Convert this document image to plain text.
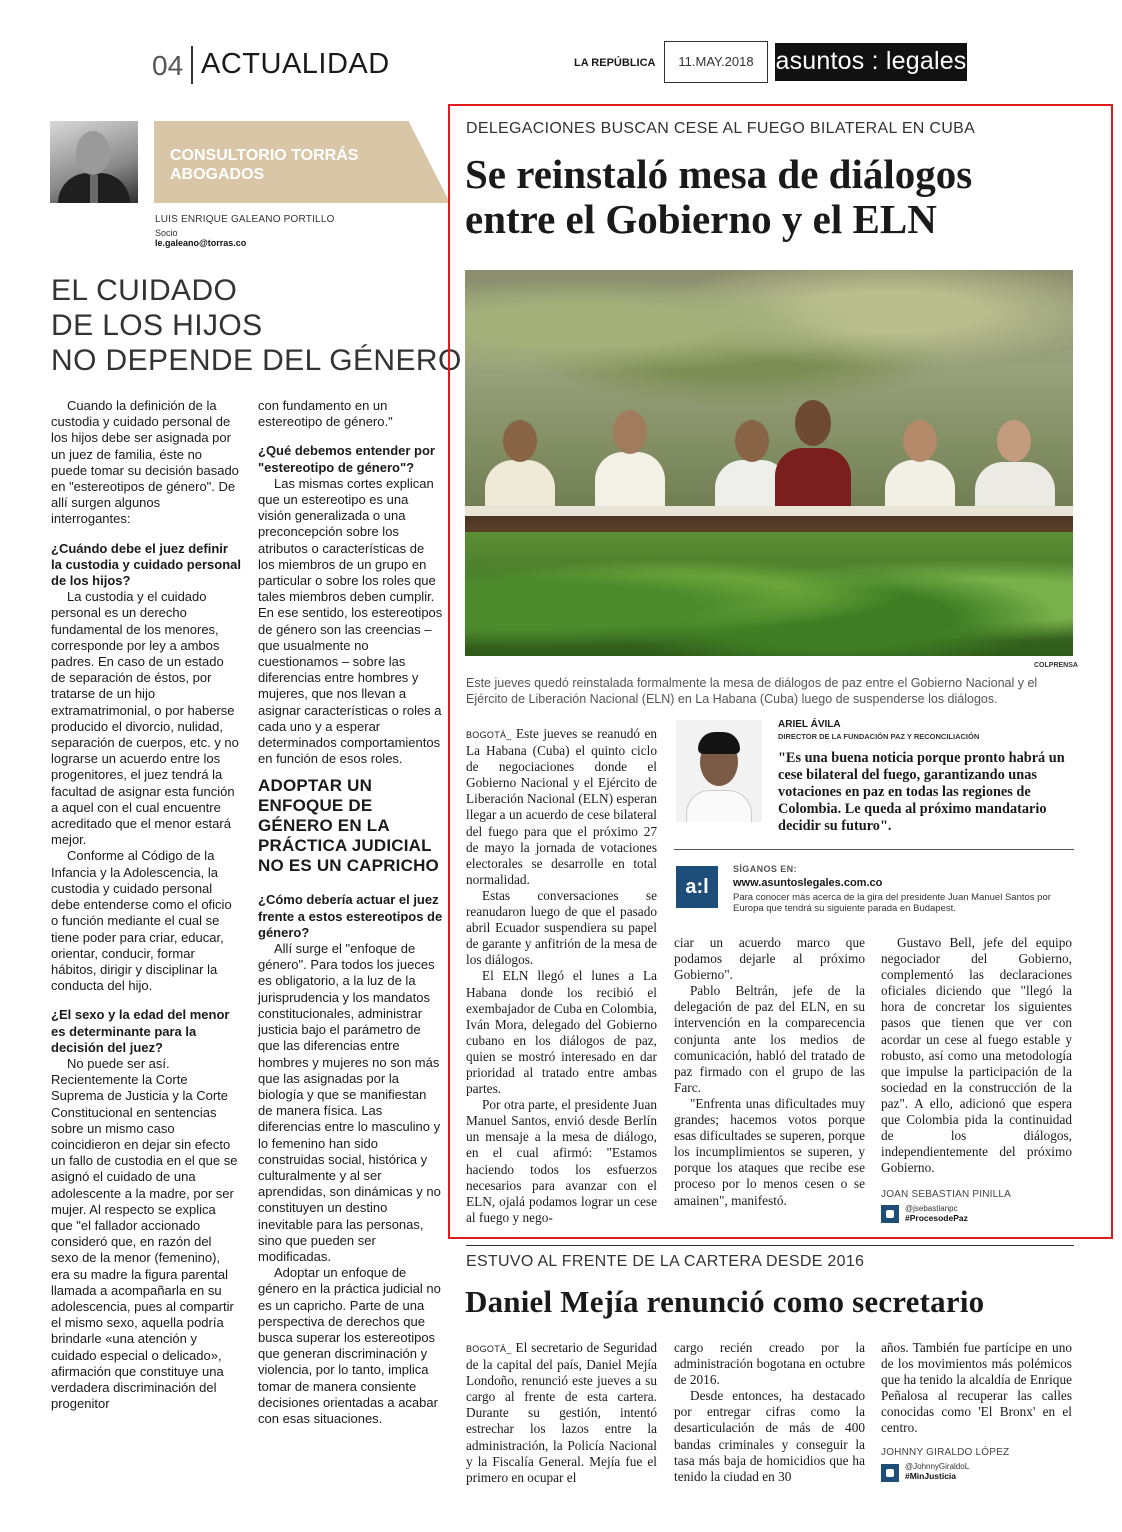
04 ACTUALIDAD	LA REPÚBLICA	11.MAY.2018 asuntos : legales
CONSULTORIO TORRÁS ABOGADOS
LUIS ENRIQUE GALEANO PORTILLO
Socio
le.galeano@torras.co
EL CUIDADO
DE LOS HIJOS
NO DEPENDE DEL GÉNERO

Cuando la definición de la custodia y cuidado personal de los hijos debe ser asignada por un juez de familia, éste no puede tomar su decisión basado en "estereotipos de género". De allí surgen algunos interrogantes:

¿Cuándo debe el juez definir la custodia y cuidado personal de los hijos?

La custodia y el cuidado personal es un derecho fundamental de los menores, corresponde por ley a ambos padres. En caso de un estado de separación de éstos, por tratarse de un hijo extramatrimonial, o por haberse producido el divorcio, nulidad, separación de cuerpos, etc. y no lograrse un acuerdo entre los progenitores, el juez tendrá la facultad de asignar esta función a aquel con el cual encuentre acreditado que el menor estará mejor.

Conforme al Código de la Infancia y la Adolescencia, la custodia y cuidado personal debe entenderse como el oficio o función mediante el cual se tiene poder para criar, educar, orientar, conducir, formar hábitos, dirigir y disciplinar la conducta del hijo.

¿El sexo y la edad del menor es determinante para la decisión del juez?

No puede ser así. Recientemente la Corte Suprema de Justicia y la Corte Constitucional en sentencias sobre un mismo caso coincidieron en dejar sin efecto un fallo de custodia en el que se asignó el cuidado de una adolescente a la madre, por ser mujer. Al respecto se explica que "el fallador accionado consideró que, en razón del sexo de la menor (femenino), era su madre la figura parental llamada a acompañarla en su adolescencia, pues al compartir el mismo sexo, aquella podría brindarle «una atención y cuidado especial o delicado», afirmación que constituye una verdadera discriminación del progenitor

con fundamento en un estereotipo de género."

¿Qué debemos entender por "estereotipo de género"?

Las mismas cortes explican que un estereotipo es una visión generalizada o una preconcepción sobre los atributos o características de los miembros de un grupo en particular o sobre los roles que tales miembros deben cumplir. En ese sentido, los estereotipos de género son las creencias – que usualmente no cuestionamos – sobre las diferencias entre hombres y mujeres, que nos llevan a asignar características o roles a cada uno y a esperar determinados comportamientos en función de esos roles.

ADOPTAR UN ENFOQUE DE GÉNERO EN LA PRÁCTICA JUDICIAL NO ES UN CAPRICHO

¿Cómo debería actuar el juez frente a estos estereotipos de género?

Allí surge el "enfoque de género". Para todos los jueces es obligatorio, a la luz de la jurisprudencia y los mandatos constitucionales, administrar justicia bajo el parámetro de que las diferencias entre hombres y mujeres no son más que las asignadas por la biología y que se manifiestan de manera física. Las diferencias entre lo masculino y lo femenino han sido construidas social, histórica y culturalmente y al ser aprendidas, son dinámicas y no constituyen un destino inevitable para las personas, sino que pueden ser modificadas.

Adoptar un enfoque de género en la práctica judicial no es un capricho. Parte de una perspectiva de derechos que busca superar los estereotipos que generan discriminación y violencia, por lo tanto, implica tomar de manera consiente decisiones orientadas a acabar con esas situaciones.

DELEGACIONES BUSCAN CESE AL FUEGO BILATERAL EN CUBA
Se reinstaló mesa de diálogos
entre el Gobierno y el ELN
COLPRENSA
Este jueves quedó reinstalada formalmente la mesa de diálogos de paz entre el Gobierno Nacional y el Ejército de Liberación Nacional (ELN) en La Habana (Cuba) luego de suspenderse los diálogos.

BOGOTÁ_ Este jueves se reanudó en La Habana (Cuba) el quinto ciclo de negociaciones donde el Gobierno Nacional y el Ejército de Liberación Nacional (ELN) esperan llegar a un acuerdo de cese bilateral del fuego para que el próximo 27 de mayo la jornada de votaciones electorales se desarrolle en total normalidad.

Estas conversaciones se reanudaron luego de que el pasado abril Ecuador suspendiera su papel de garante y anfitrión de la mesa de los diálogos.

El ELN llegó el lunes a La Habana donde los recibió el exembajador de Cuba en Colombia, Iván Mora, delegado del Gobierno cubano en los diálogos de paz, quien se mostró interesado en dar prioridad al tratado entre ambas partes.

Por otra parte, el presidente Juan Manuel Santos, envió desde Berlín un mensaje a la mesa de diálogo, en el cual afirmó: "Estamos haciendo todos los esfuerzos necesarios para avanzar con el ELN, ojalá podamos lograr un cese al fuego y nego-

ARIEL ÁVILA
DIRECTOR DE LA FUNDACIÓN PAZ Y RECONCILIACIÓN
"Es una buena noticia porque pronto habrá un cese bilateral del fuego, garantizando unas votaciones en paz en todas las regiones de Colombia. Le queda al próximo mandatario decidir su futuro".
a:l
SÍGANOS EN:
www.asuntoslegales.com.co
Para conocer más acerca de la gira del presidente Juan Manuel Santos por Europa que tendrá su siguiente parada en Budapest.

ciar un acuerdo marco que podamos dejarle al próximo Gobierno".

Pablo Beltrán, jefe de la delegación de paz del ELN, en su intervención en la comparecencia conjunta ante los medios de comunicación, habló del tratado de paz firmado con el grupo de las Farc.

"Enfrenta unas dificultades muy grandes; hacemos votos porque esas dificultades se superen, porque los incumplimientos se superen, y porque los ataques que recibe ese proceso por lo menos cesen o se amainen", manifestó.

Gustavo Bell, jefe del equipo negociador del Gobierno, complementó las declaraciones oficiales diciendo que "llegó la hora de concretar los siguientes pasos que tienen que ver con acordar un cese al fuego estable y robusto, así como una metodología que impulse la participación de la sociedad en la construcción de la paz". A ello, adicionó que espera que Colombia pida la continuidad de los diálogos, independientemente del próximo Gobierno.

JOAN SEBASTIAN PINILLA
@jsebastianpc
#ProcesodePaz
ESTUVO AL FRENTE DE LA CARTERA DESDE 2016
Daniel Mejía renunció como secretario

BOGOTÁ_ El secretario de Seguridad de la capital del país, Daniel Mejía Londoño, renunció este jueves a su cargo al frente de esta cartera. Durante su gestión, intentó estrechar los lazos entre la administración, la Policía Nacional y la Fiscalía General. Mejía fue el primero en ocupar el

cargo recién creado por la administración bogotana en octubre de 2016.

Desde entonces, ha destacado por entregar cifras como la desarticulación de más de 400 bandas criminales y conseguir la tasa más baja de homicidios que ha tenido la ciudad en 30

años. También fue partícipe en uno de los movimientos más polémicos que ha tenido la alcaldía de Enrique Peñalosa al recuperar las calles conocidas como 'El Bronx' en el centro.

JOHNNY GIRALDO LÓPEZ
@JohnnyGiraldoL
#MinJusticia
